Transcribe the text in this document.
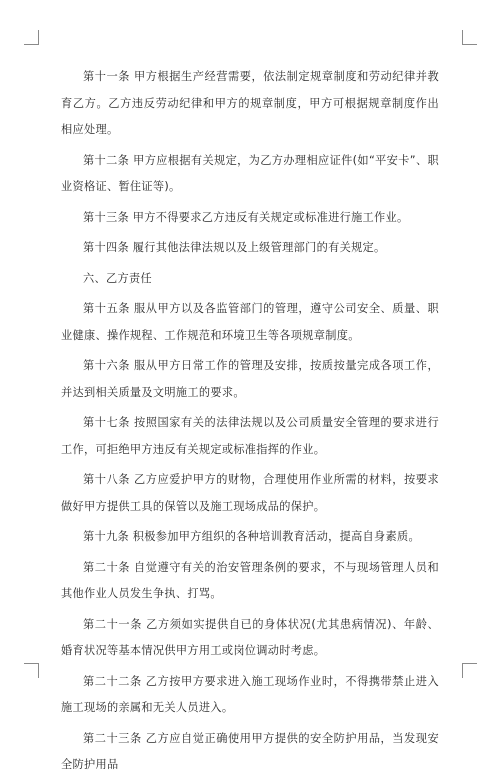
第十一条 甲方根据生产经营需要，依法制定规章制度和劳动纪律并教育乙方。乙方违反劳动纪律和甲方的规章制度，甲方可根据规章制度作出相应处理。

第十二条 甲方应根据有关规定，为乙方办理相应证件(如“平安卡”、职业资格证、暂住证等)。

第十三条 甲方不得要求乙方违反有关规定或标准进行施工作业。

第十四条 履行其他法律法规以及上级管理部门的有关规定。

六、乙方责任

第十五条 服从甲方以及各监管部门的管理，遵守公司安全、质量、职业健康、操作规程、工作规范和环境卫生等各项规章制度。

第十六条 服从甲方日常工作的管理及安排，按质按量完成各项工作，并达到相关质量及文明施工的要求。

第十七条 按照国家有关的法律法规以及公司质量安全管理的要求进行工作，可拒绝甲方违反有关规定或标准指挥的作业。

第十八条 乙方应爱护甲方的财物，合理使用作业所需的材料，按要求做好甲方提供工具的保管以及施工现场成品的保护。

第十九条 积极参加甲方组织的各种培训教育活动，提高自身素质。

第二十条 自觉遵守有关的治安管理条例的要求，不与现场管理人员和其他作业人员发生争执、打骂。

第二十一条 乙方须如实提供自已的身体状况(尤其患病情况)、年龄、婚育状况等基本情况供甲方用工或岗位调动时考虑。

第二十二条 乙方按甲方要求进入施工现场作业时，不得携带禁止进入施工现场的亲属和无关人员进入。

第二十三条 乙方应自觉正确使用甲方提供的安全防护用品，当发现安全防护用品
